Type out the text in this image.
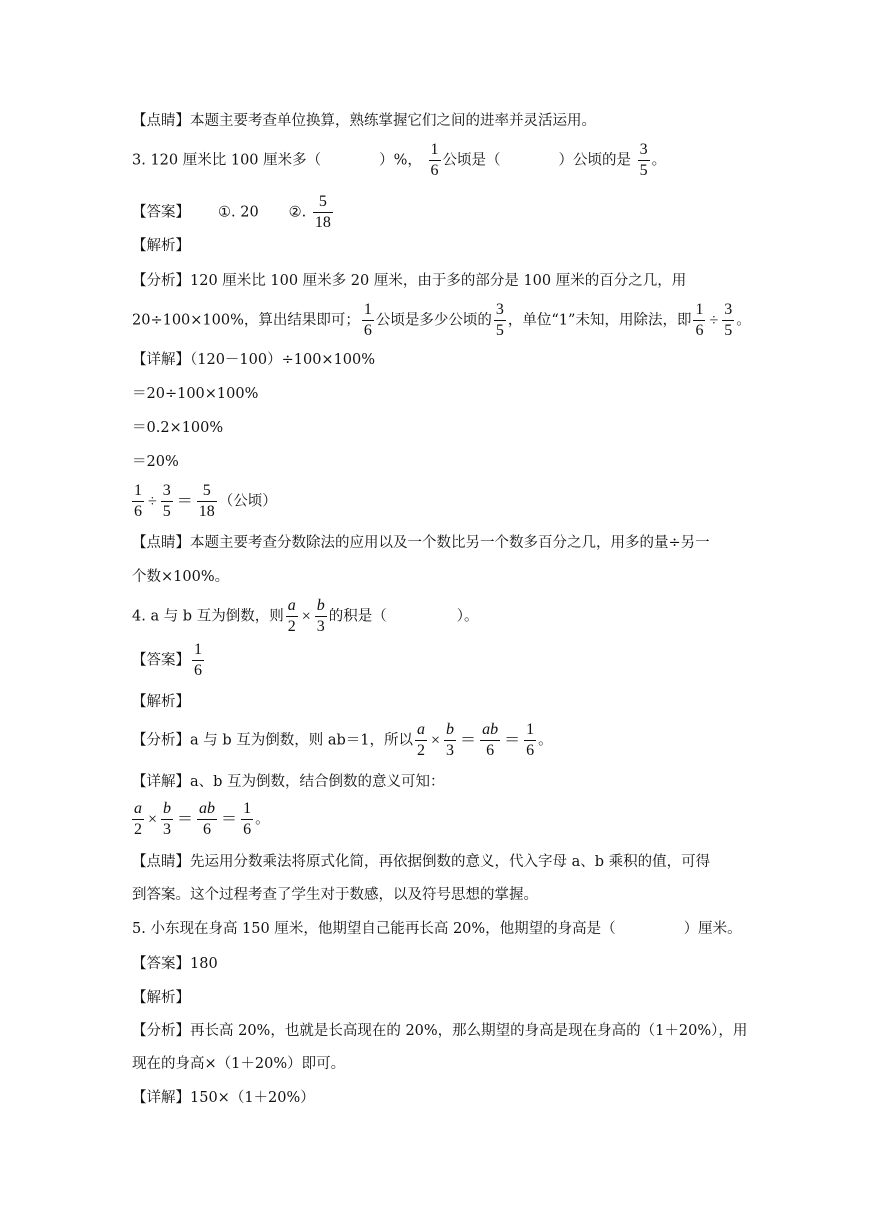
【点睛】本题主要考查单位换算，熟练掌握它们之间的进率并灵活运用。
3. 120 厘米比 100 厘米多（	）%， $\frac{1}{6}$ 公顷是（	）公顷的是 $\frac{3}{5}$ 。
【答案】 ①. 20 ②. $\frac{5}{18}$
【解析】
【分析】120 厘米比 100 厘米多 20 厘米，由于多的部分是 100 厘米的百分之几，用
20÷100×100%，算出结果即可； $\frac{1}{6}$ 公顷是多少公顷的 $\frac{3}{5}$ ，单位“1”未知，用除法，即 $\frac{1}{6} \div \frac{3}{5}$ 。
【详解】（120－100）÷100×100%
＝20÷100×100%
＝0.2×100%
＝20%
$\frac{1}{6} \div \frac{3}{5} = \frac{5}{18}$ （公顷）
【点睛】本题主要考查分数除法的应用以及一个数比另一个数多百分之几，用多的量÷另一
个数×100%。
4. a 与 b 互为倒数，则 $\frac{a}{2} \times \frac{b}{3}$ 的积是（	）。
【答案】 $\frac{1}{6}$
【解析】
【分析】a 与 b 互为倒数，则 ab＝1，所以 $\frac{a}{2} \times \frac{b}{3} = \frac{ab}{6} = \frac{1}{6}$ 。
【详解】a、b 互为倒数，结合倒数的意义可知：
$\frac{a}{2} \times \frac{b}{3} = \frac{ab}{6} = \frac{1}{6}$ 。
【点睛】先运用分数乘法将原式化简，再依据倒数的意义，代入字母 a、b 乘积的值，可得
到答案。这个过程考查了学生对于数感，以及符号思想的掌握。
5. 小东现在身高 150 厘米，他期望自己能再长高 20%，他期望的身高是（	）厘米。
【答案】180
【解析】
【分析】再长高 20%，也就是长高现在的 20%，那么期望的身高是现在身高的（1＋20%），用
现在的身高×（1＋20%）即可。
【详解】150×（1＋20%）
